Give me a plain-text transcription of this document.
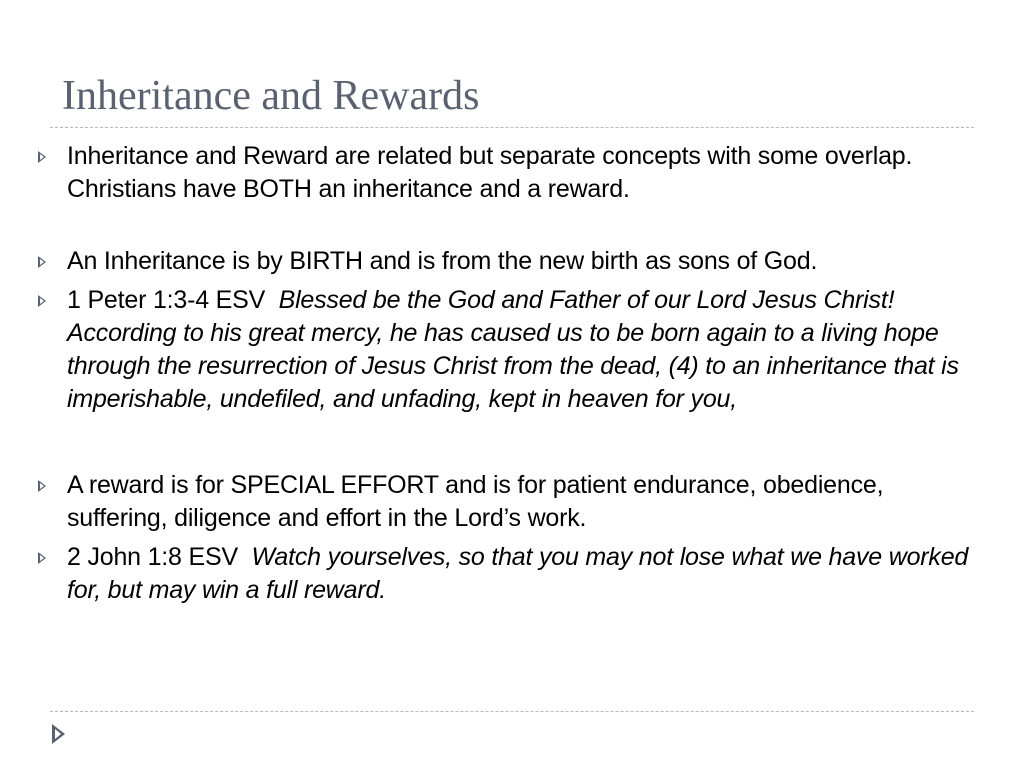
Inheritance and Rewards
Inheritance and Reward are related but separate concepts with some overlap. Christians have BOTH an inheritance and a reward.
An Inheritance is by BIRTH and is from the new birth as sons of God.
1 Peter 1:3-4 ESV  Blessed be the God and Father of our Lord Jesus Christ! According to his great mercy, he has caused us to be born again to a living hope through the resurrection of Jesus Christ from the dead, (4) to an inheritance that is imperishable, undefiled, and unfading, kept in heaven for you,
A reward is for SPECIAL EFFORT and is for patient endurance, obedience, suffering, diligence and effort in the Lord’s work.
2 John 1:8 ESV  Watch yourselves, so that you may not lose what we have worked for, but may win a full reward.
